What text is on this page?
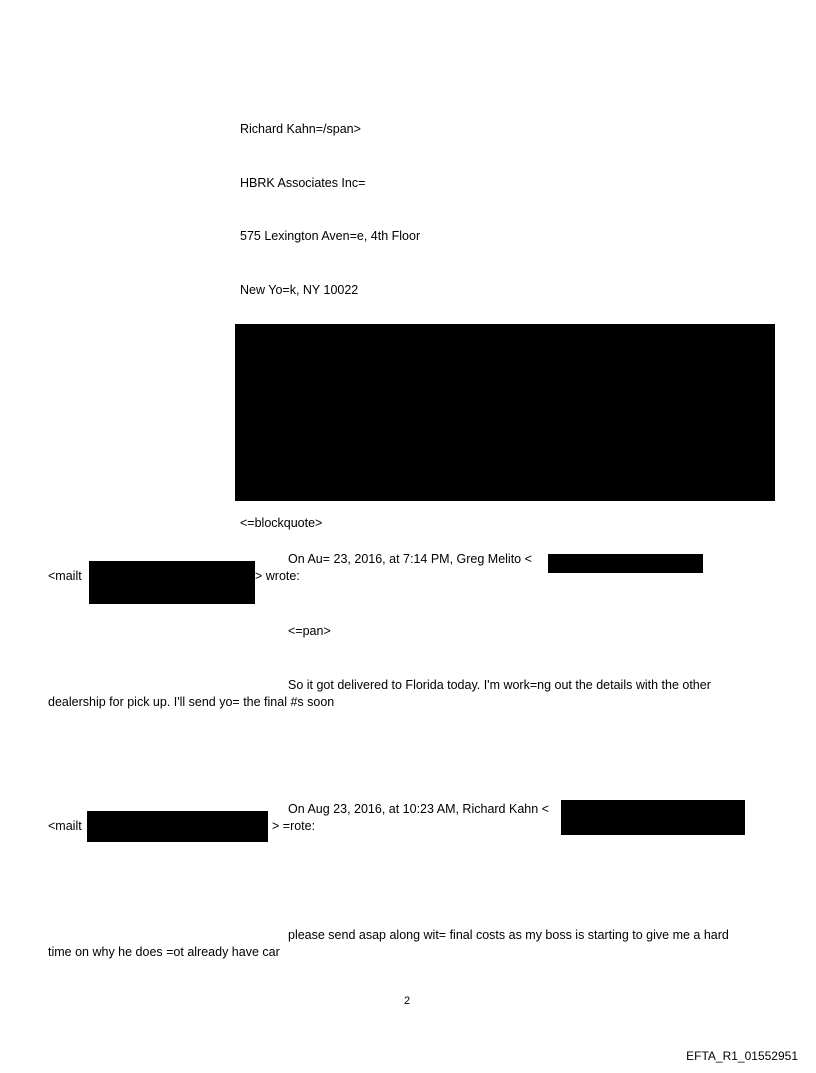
Richard Kahn=/span>
HBRK Associates Inc=
575 Lexington Aven=e, 4th Floor
New Yo=k, NY 10022
<=blockquote>
On Au= 23, 2016, at 7:14 PM, Greg Melito <
<mailt	> wrote:
<=pan>
So it got delivered to Florida today. I'm work=ng out the details with the other
dealership for pick up. I'll send yo= the final #s soon
On Aug 23, 2016, at 10:23 AM, Richard Kahn <
<mailt	> =rote:
please send asap along wit= final costs as my boss is starting to give me a hard
time on why he does =ot already have car
2
EFTA_R1_01552951
